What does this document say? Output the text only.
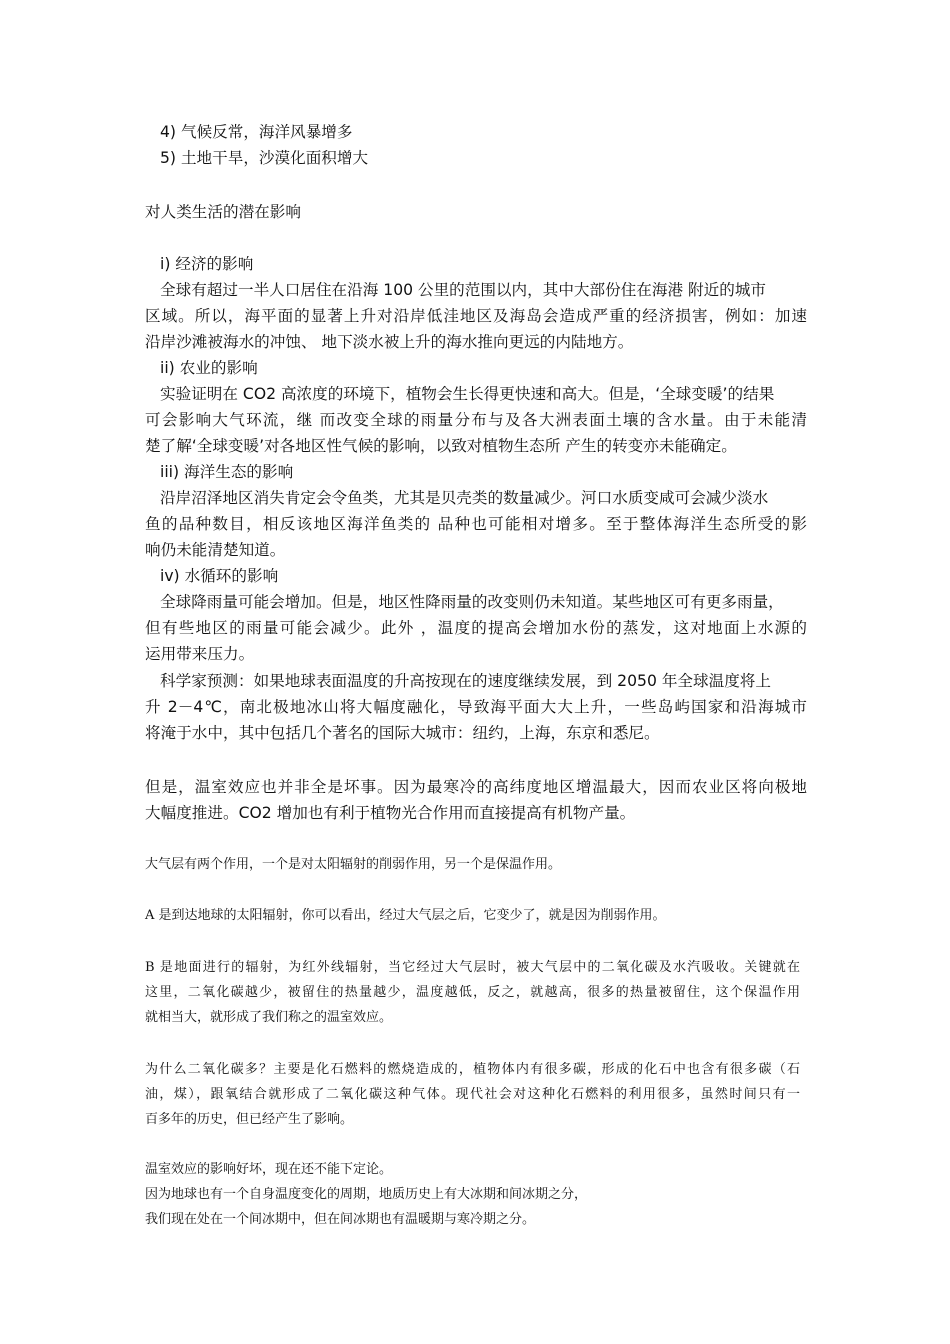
4) 气候反常，海洋风暴增多
5) 土地干旱，沙漠化面积增大
对人类生活的潜在影响
i) 经济的影响
全球有超过一半人口居住在沿海 100 公里的范围以内，其中大部份住在海港 附近的城市
区域。所以，海平面的显著上升对沿岸低洼地区及海岛会造成严重的经济损害，例如：加速
沿岸沙滩被海水的冲蚀、 地下淡水被上升的海水推向更远的内陆地方。
ii) 农业的影响
实验证明在 CO2 高浓度的环境下，植物会生长得更快速和高大。但是，‘全球变暖’的结果
可会影响大气环流，继 而改变全球的雨量分布与及各大洲表面土壤的含水量。由于未能清
楚了解‘全球变暖’对各地区性气候的影响，以致对植物生态所 产生的转变亦未能确定。
iii) 海洋生态的影响
沿岸沼泽地区消失肯定会令鱼类，尤其是贝壳类的数量减少。河口水质变咸可会减少淡水
鱼的品种数目，相反该地区海洋鱼类的 品种也可能相对增多。至于整体海洋生态所受的影
响仍未能清楚知道。
iv) 水循环的影响
全球降雨量可能会增加。但是，地区性降雨量的改变则仍未知道。某些地区可有更多雨量，
但有些地区的雨量可能会减少。此外 ，温度的提高会增加水份的蒸发，这对地面上水源的
运用带来压力。
科学家预测：如果地球表面温度的升高按现在的速度继续发展，到 2050 年全球温度将上
升 2－4℃，南北极地冰山将大幅度融化，导致海平面大大上升，一些岛屿国家和沿海城市
将淹于水中，其中包括几个著名的国际大城市：纽约，上海，东京和悉尼。
但是，温室效应也并非全是坏事。因为最寒冷的高纬度地区增温最大，因而农业区将向极地
大幅度推进。CO2 增加也有利于植物光合作用而直接提高有机物产量。
大气层有两个作用，一个是对太阳辐射的削弱作用，另一个是保温作用。
A 是到达地球的太阳辐射，你可以看出，经过大气层之后，它变少了，就是因为削弱作用。
B 是地面进行的辐射，为红外线辐射，当它经过大气层时，被大气层中的二氧化碳及水汽吸收。关键就在
这里，二氧化碳越少，被留住的热量越少，温度越低，反之，就越高，很多的热量被留住，这个保温作用
就相当大，就形成了我们称之的温室效应。
为什么二氧化碳多？主要是化石燃料的燃烧造成的，植物体内有很多碳，形成的化石中也含有很多碳（石
油，煤），跟氧结合就形成了二氧化碳这种气体。现代社会对这种化石燃料的利用很多，虽然时间只有一
百多年的历史，但已经产生了影响。
温室效应的影响好坏，现在还不能下定论。
因为地球也有一个自身温度变化的周期，地质历史上有大冰期和间冰期之分，
我们现在处在一个间冰期中，但在间冰期也有温暖期与寒冷期之分。
